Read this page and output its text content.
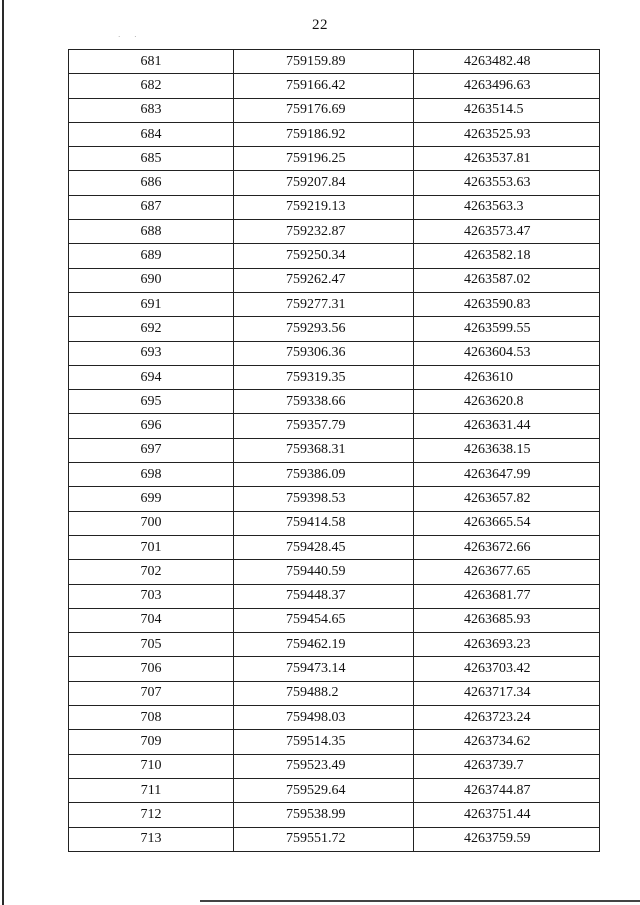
· ·
22
681	759159.89	4263482.48
682	759166.42	4263496.63
683	759176.69	4263514.5
684	759186.92	4263525.93
685	759196.25	4263537.81
686	759207.84	4263553.63
687	759219.13	4263563.3
688	759232.87	4263573.47
689	759250.34	4263582.18
690	759262.47	4263587.02
691	759277.31	4263590.83
692	759293.56	4263599.55
693	759306.36	4263604.53
694	759319.35	4263610
695	759338.66	4263620.8
696	759357.79	4263631.44
697	759368.31	4263638.15
698	759386.09	4263647.99
699	759398.53	4263657.82
700	759414.58	4263665.54
701	759428.45	4263672.66
702	759440.59	4263677.65
703	759448.37	4263681.77
704	759454.65	4263685.93
705	759462.19	4263693.23
706	759473.14	4263703.42
707	759488.2	4263717.34
708	759498.03	4263723.24
709	759514.35	4263734.62
710	759523.49	4263739.7
711	759529.64	4263744.87
712	759538.99	4263751.44
713	759551.72	4263759.59
